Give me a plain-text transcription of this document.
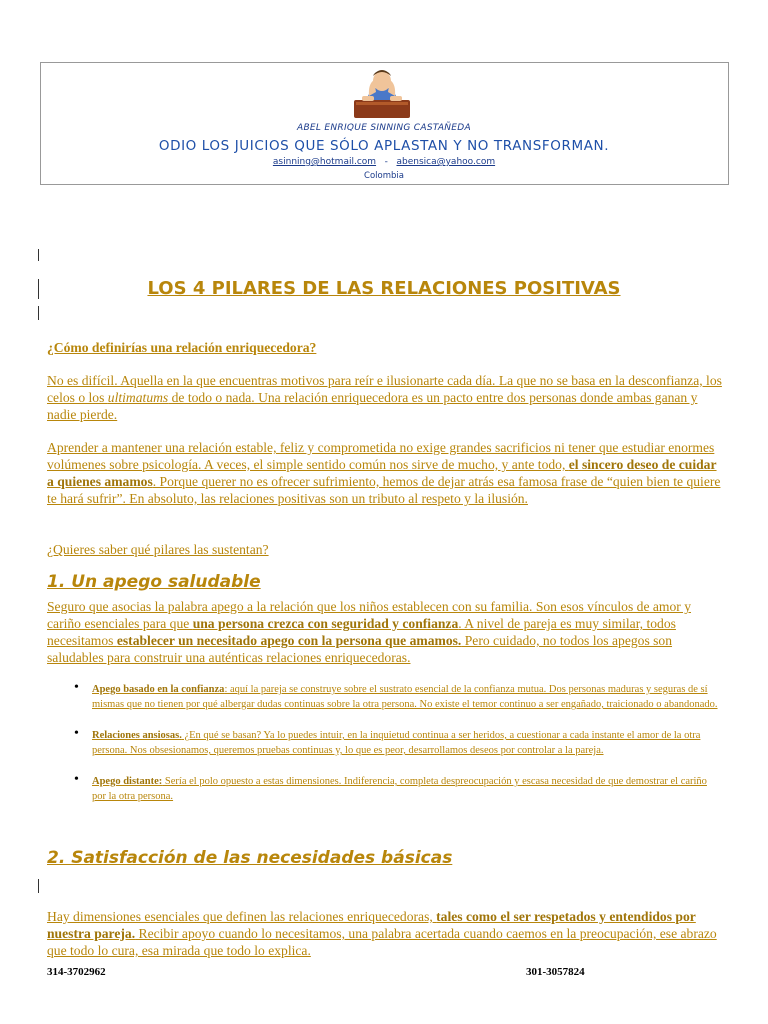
ABEL ENRIQUE SINNING CASTAÑEDA
ODIO LOS JUICIOS QUE SÓLO APLASTAN Y NO TRANSFORMAN.
asinning@hotmail.com - abensica@yahoo.com
Colombia
LOS 4 PILARES DE LAS RELACIONES POSITIVAS
¿Cómo definirías una relación enriquecedora?
No es difícil. Aquella en la que encuentras motivos para reír e ilusionarte cada día. La que no se basa en la desconfianza, los celos o los ultimatums de todo o nada. Una relación enriquecedora es un pacto entre dos personas donde ambas ganan y nadie pierde.
Aprender a mantener una relación estable, feliz y comprometida no exige grandes sacrificios ni tener que estudiar enormes volúmenes sobre psicología. A veces, el simple sentido común nos sirve de mucho, y ante todo, el sincero deseo de cuidar a quienes amamos. Porque querer no es ofrecer sufrimiento, hemos de dejar atrás esa famosa frase de “quien bien te quiere te hará sufrir”. En absoluto, las relaciones positivas son un tributo al respeto y la ilusión.
¿Quieres saber qué pilares las sustentan?
1. Un apego saludable
Seguro que asocias la palabra apego a la relación que los niños establecen con su familia. Son esos vínculos de amor y cariño esenciales para que una persona crezca con seguridad y confianza. A nivel de pareja es muy similar, todos necesitamos establecer un necesitado apego con la persona que amamos. Pero cuidado, no todos los apegos son saludables para construir una auténticas relaciones enriquecedoras.
• Apego basado en la confianza: aquí la pareja se construye sobre el sustrato esencial de la confianza mutua. Dos personas maduras y seguras de sí mismas que no tienen por qué albergar dudas continuas sobre la otra persona. No existe el temor continuo a ser engañado, traicionado o abandonado.
• Relaciones ansiosas. ¿En qué se basan? Ya lo puedes intuir, en la inquietud continua a ser heridos, a cuestionar a cada instante el amor de la otra persona. Nos obsesionamos, queremos pruebas continuas y, lo que es peor, desarrollamos deseos por controlar a la pareja.
• Apego distante: Sería el polo opuesto a estas dimensiones. Indiferencia, completa despreocupación y escasa necesidad de que demostrar el cariño por la otra persona.
2. Satisfacción de las necesidades básicas
Hay dimensiones esenciales que definen las relaciones enriquecedoras, tales como el ser respetados y entendidos por nuestra pareja. Recibir apoyo cuando lo necesitamos, una palabra acertada cuando caemos en la preocupación, ese abrazo que todo lo cura, esa mirada que todo lo explica.
314-3702962	301-3057824
